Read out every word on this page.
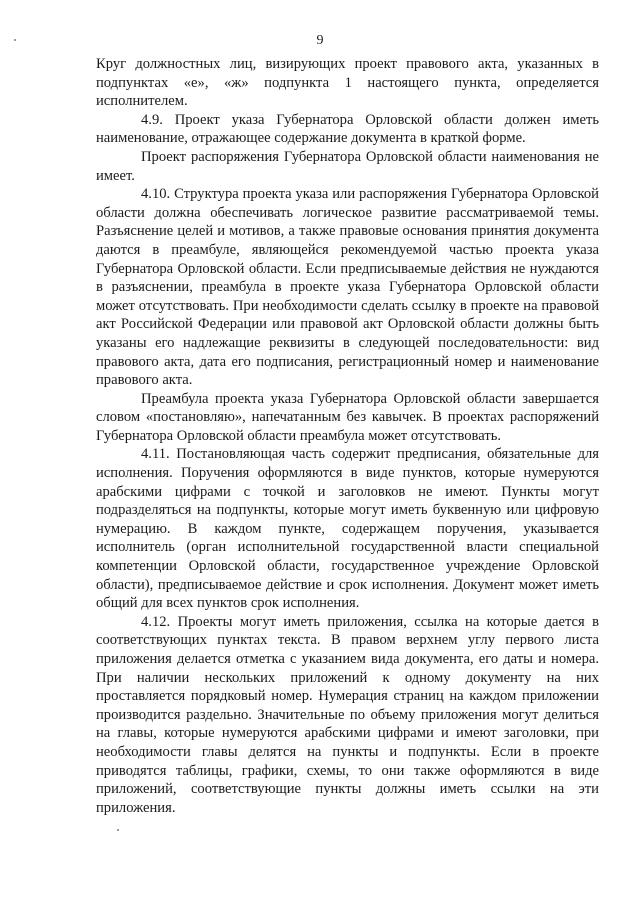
9

Круг должностных лиц, визирующих проект правового акта, указанных в подпунктах «е», «ж» подпункта 1 настоящего пункта, определяется исполнителем.

4.9. Проект указа Губернатора Орловской области должен иметь наименование, отражающее содержание документа в краткой форме.

Проект распоряжения Губернатора Орловской области наименования не имеет.

4.10. Структура проекта указа или распоряжения Губернатора Орловской области должна обеспечивать логическое развитие рассматриваемой темы. Разъяснение целей и мотивов, а также правовые основания принятия документа даются в преамбуле, являющейся рекомендуемой частью проекта указа Губернатора Орловской области. Если предписываемые действия не нуждаются в разъяснении, преамбула в проекте указа Губернатора Орловской области может отсутствовать. При необходимости сделать ссылку в проекте на правовой акт Российской Федерации или правовой акт Орловской области должны быть указаны его надлежащие реквизиты в следующей последовательности: вид правового акта, дата его подписания, регистрационный номер и наименование правового акта.

Преамбула проекта указа Губернатора Орловской области завершается словом «постановляю», напечатанным без кавычек. В проектах распоряжений Губернатора Орловской области преамбула может отсутствовать.

4.11. Постановляющая часть содержит предписания, обязательные для исполнения. Поручения оформляются в виде пунктов, которые нумеруются арабскими цифрами с точкой и заголовков не имеют. Пункты могут подразделяться на подпункты, которые могут иметь буквенную или цифровую нумерацию. В каждом пункте, содержащем поручения, указывается исполнитель (орган исполнительной государственной власти специальной компетенции Орловской области, государственное учреждение Орловской области), предписываемое действие и срок исполнения. Документ может иметь общий для всех пунктов срок исполнения.

4.12. Проекты могут иметь приложения, ссылка на которые дается в соответствующих пунктах текста. В правом верхнем углу первого листа приложения делается отметка с указанием вида документа, его даты и номера. При наличии нескольких приложений к одному документу на них проставляется порядковый номер. Нумерация страниц на каждом приложении производится раздельно. Значительные по объему приложения могут делиться на главы, которые нумеруются арабскими цифрами и имеют заголовки, при необходимости главы делятся на пункты и подпункты. Если в проекте приводятся таблицы, графики, схемы, то они также оформляются в виде приложений, соответствующие пункты должны иметь ссылки на эти приложения.
